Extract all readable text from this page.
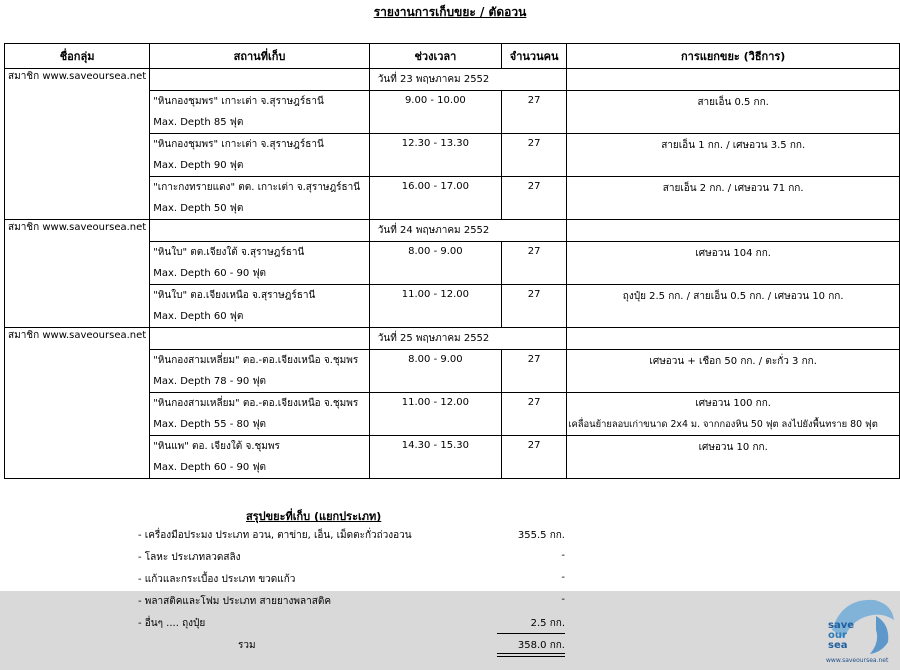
รายงานการเก็บขยะ / ตัดอวน
ชื่อกลุ่ม	สถานที่เก็บ	ช่วงเวลา	จำนวนคน	การแยกขยะ (วิธีการ)
สมาชิก www.saveoursea.net		วันที่ 23 พฤษภาคม 2552		
	"หินกองชุมพร" เกาะเต่า จ.สุราษฎร์ธานี	9.00 - 10.00	27	สายเอ็น 0.5 กก.
	Max. Depth 85 ฟุต			
	"หินกองชุมพร" เกาะเต่า จ.สุราษฎร์ธานี	12.30 - 13.30	27	สายเอ็น 1 กก. / เศษอวน 3.5 กก.
	Max. Depth 90 ฟุต			
	"เกาะกงทรายแดง" ตต. เกาะเต่า จ.สุราษฎร์ธานี	16.00 - 17.00	27	สายเอ็น 2 กก. / เศษอวน 71 กก.
	Max. Depth 50 ฟุต			
สมาชิก www.saveoursea.net		วันที่ 24 พฤษภาคม 2552		
	"หินใบ" ตต.เจียงใต้ จ.สุราษฎร์ธานี	8.00 - 9.00	27	เศษอวน 104 กก.
	Max. Depth 60 - 90 ฟุต			
	"หินใบ" ตอ.เจียงเหนือ จ.สุราษฎร์ธานี	11.00 - 12.00	27	ถุงปุ๋ย 2.5 กก. / สายเอ็น 0.5 กก. / เศษอวน 10 กก.
	Max. Depth 60 ฟุต			
สมาชิก www.saveoursea.net		วันที่ 25 พฤษภาคม 2552		
	"หินกองสามเหลี่ยม" ตอ.-ตอ.เจียงเหนือ จ.ชุมพร	8.00 - 9.00	27	เศษอวน + เชือก 50 กก. / ตะกั่ว 3 กก.
	Max. Depth 78 - 90 ฟุต			
	"หินกองสามเหลี่ยม" ตอ.-ตอ.เจียงเหนือ จ.ชุมพร	11.00 - 12.00	27	เศษอวน 100 กก.
	Max. Depth 55 - 80 ฟุต			เคลื่อนย้ายลอบเก่าขนาด 2x4 ม. จากกองหิน 50 ฟุต ลงไปยังพื้นทราย 80 ฟุต
	"หินแพ" ตอ. เจียงใต้ จ.ชุมพร	14.30 - 15.30	27	เศษอวน 10 กก.
	Max. Depth 60 - 90 ฟุต			
สรุปขยะที่เก็บ (แยกประเภท)
- เครื่องมือประมง ประเภท อวน, ตาข่าย, เอ็น, เม็ดตะกั่วถ่วงอวน	355.5 กก.
- โลหะ ประเภทลวดสลิง	-
- แก้วและกระเบื้อง ประเภท ขวดแก้ว	-
- พลาสติคและโฟม ประเภท สายยางพลาสติค	-
- อื่นๆ .... ถุงปุ๋ย	2.5 กก.
รวม	358.0 กก.
save
our
sea
www.saveoursea.net
